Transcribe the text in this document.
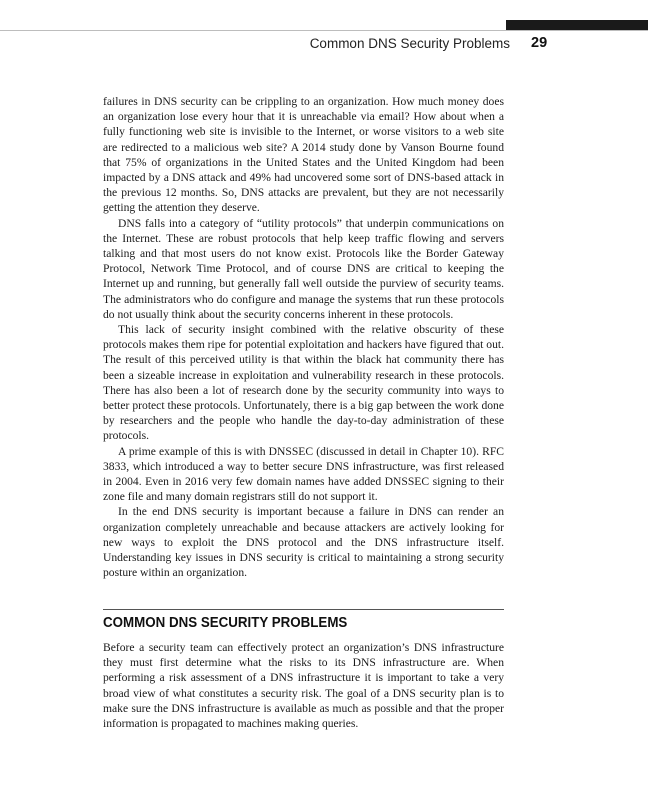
Common DNS Security Problems 29

failures in DNS security can be crippling to an organization. How much money does an organization lose every hour that it is unreachable via email? How about when a fully functioning web site is invisible to the Internet, or worse visitors to a web site are redirected to a malicious web site? A 2014 study done by Vanson Bourne found that 75% of organizations in the United States and the United Kingdom had been impacted by a DNS attack and 49% had uncovered some sort of DNS-based attack in the previous 12 months. So, DNS attacks are prevalent, but they are not necessarily getting the attention they deserve.

DNS falls into a category of “utility protocols” that underpin communications on the Internet. These are robust protocols that help keep traffic flowing and servers talking and that most users do not know exist. Protocols like the Border Gateway Protocol, Network Time Protocol, and of course DNS are critical to keeping the Internet up and running, but generally fall well outside the purview of security teams. The administrators who do configure and manage the systems that run these protocols do not usually think about the security concerns inherent in these protocols.

This lack of security insight combined with the relative obscurity of these protocols makes them ripe for potential exploitation and hackers have figured that out. The result of this perceived utility is that within the black hat community there has been a sizeable increase in exploitation and vulnerability research in these protocols. There has also been a lot of research done by the security community into ways to better protect these protocols. Unfortunately, there is a big gap between the work done by researchers and the people who handle the day-to-day administration of these protocols.

A prime example of this is with DNSSEC (discussed in detail in Chapter 10). RFC 3833, which introduced a way to better secure DNS infrastructure, was first released in 2004. Even in 2016 very few domain names have added DNSSEC signing to their zone file and many domain registrars still do not support it.

In the end DNS security is important because a failure in DNS can render an organization completely unreachable and because attackers are actively looking for new ways to exploit the DNS protocol and the DNS infrastructure itself. Understanding key issues in DNS security is critical to maintaining a strong security posture within an organization.

COMMON DNS SECURITY PROBLEMS

Before a security team can effectively protect an organization’s DNS infrastructure they must first determine what the risks to its DNS infrastructure are. When performing a risk assessment of a DNS infrastructure it is important to take a very broad view of what constitutes a security risk. The goal of a DNS security plan is to make sure the DNS infrastructure is available as much as possible and that the proper information is propagated to machines making queries.
